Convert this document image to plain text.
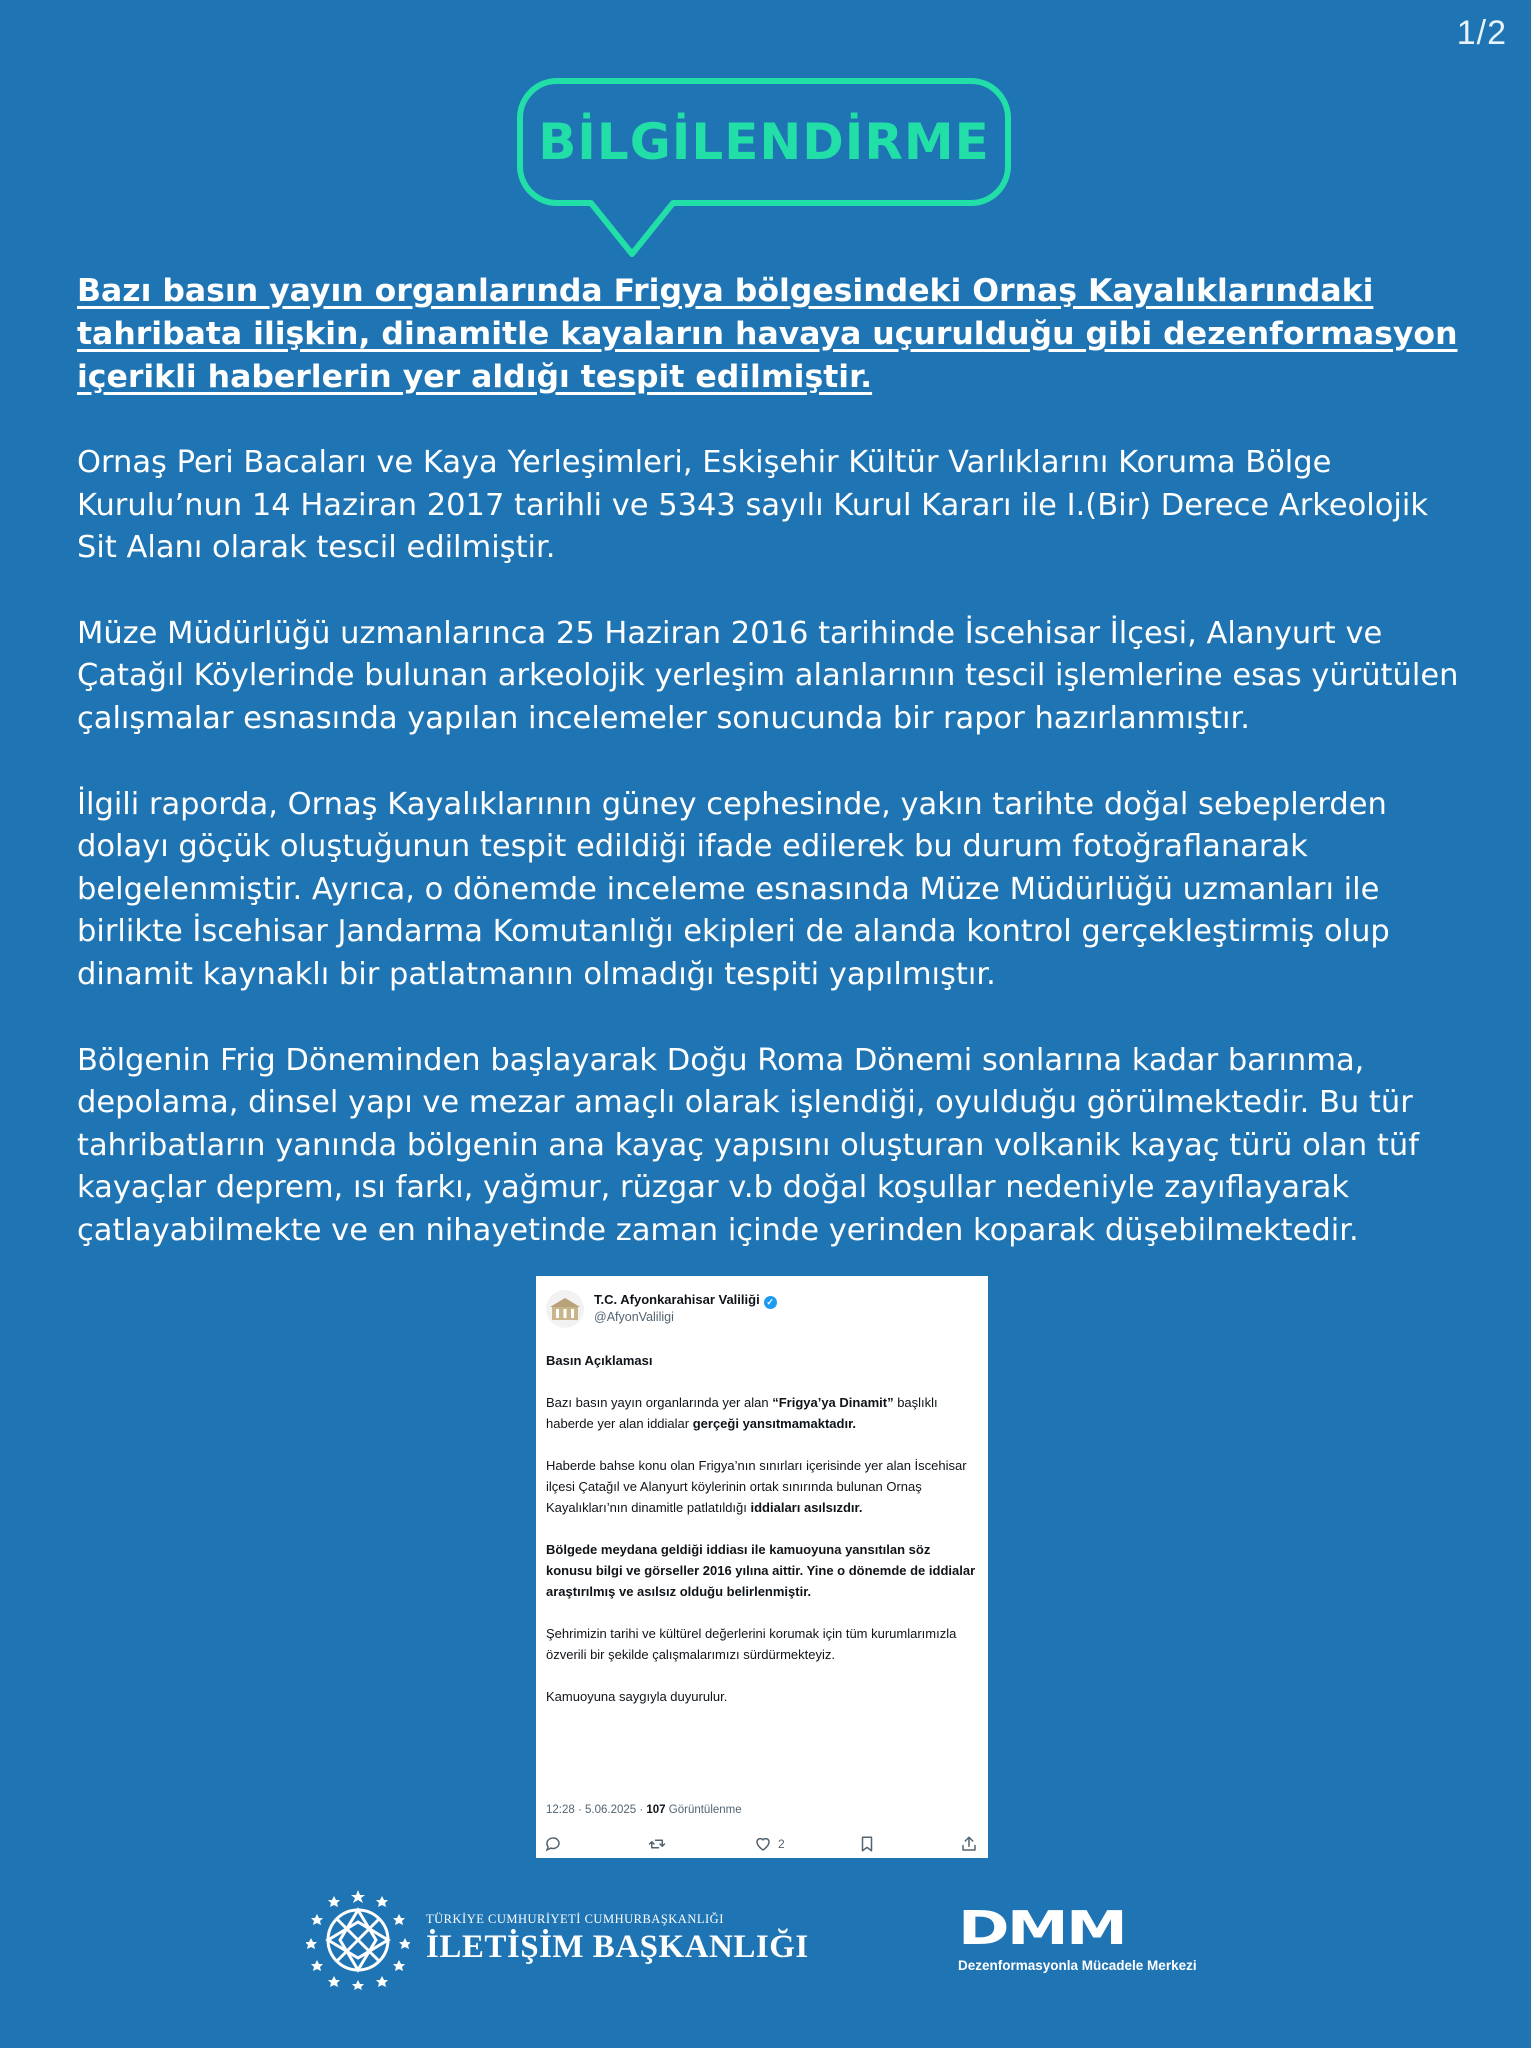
1/2
BİLGİLENDİRME

Bazı basın yayın organlarında Frigya bölgesindeki Ornaş Kayalıklarındaki tahribata ilişkin, dinamitle kayaların havaya uçurulduğu gibi dezenformasyon içerikli haberlerin yer aldığı tespit edilmiştir.

Ornaş Peri Bacaları ve Kaya Yerleşimleri, Eskişehir Kültür Varlıklarını Koruma Bölge Kurulu’nun 14 Haziran 2017 tarihli ve 5343 sayılı Kurul Kararı ile I.(Bir) Derece Arkeolojik Sit Alanı olarak tescil edilmiştir.

Müze Müdürlüğü uzmanlarınca 25 Haziran 2016 tarihinde İscehisar İlçesi, Alanyurt ve Çatağıl Köylerinde bulunan arkeolojik yerleşim alanlarının tescil işlemlerine esas yürütülen çalışmalar esnasında yapılan incelemeler sonucunda bir rapor hazırlanmıştır.

İlgili raporda, Ornaş Kayalıklarının güney cephesinde, yakın tarihte doğal sebeplerden dolayı göçük oluştuğunun tespit edildiği ifade edilerek bu durum fotoğraflanarak belgelenmiştir. Ayrıca, o dönemde inceleme esnasında Müze Müdürlüğü uzmanları ile birlikte İscehisar Jandarma Komutanlığı ekipleri de alanda kontrol gerçekleştirmiş olup dinamit kaynaklı bir patlatmanın olmadığı tespiti yapılmıştır.

Bölgenin Frig Döneminden başlayarak Doğu Roma Dönemi sonlarına kadar barınma, depolama, dinsel yapı ve mezar amaçlı olarak işlendiği, oyulduğu görülmektedir. Bu tür tahribatların yanında bölgenin ana kayaç yapısını oluşturan volkanik kayaç türü olan tüf kayaçlar deprem, ısı farkı, yağmur, rüzgar v.b doğal koşullar nedeniyle zayıflayarak çatlayabilmekte ve en nihayetinde zaman içinde yerinden koparak düşebilmektedir.

T.C. Afyonkarahisar Valiliği ✓
@AfyonValiligi

Basın Açıklaması

Bazı basın yayın organlarında yer alan “Frigya’ya Dinamit” başlıklı haberde yer alan iddialar gerçeği yansıtmamaktadır.

Haberde bahse konu olan Frigya’nın sınırları içerisinde yer alan İscehisar ilçesi Çatağıl ve Alanyurt köylerinin ortak sınırında bulunan Ornaş Kayalıkları’nın dinamitle patlatıldığı iddiaları asılsızdır.

Bölgede meydana geldiği iddiası ile kamuoyuna yansıtılan söz konusu bilgi ve görseller 2016 yılına aittir. Yine o dönemde de iddialar araştırılmış ve asılsız olduğu belirlenmiştir.

Şehrimizin tarihi ve kültürel değerlerini korumak için tüm kurumlarımızla özverili bir şekilde çalışmalarımızı sürdürmekteyiz.

Kamuoyuna saygıyla duyurulur.

12:28 · 5.06.2025 · 107 Görüntülenme
2
TÜRKİYE CUMHURİYETİ CUMHURBAŞKANLIĞI
İLETİŞİM BAŞKANLIĞI	DMM
Dezenformasyonla Mücadele Merkezi
